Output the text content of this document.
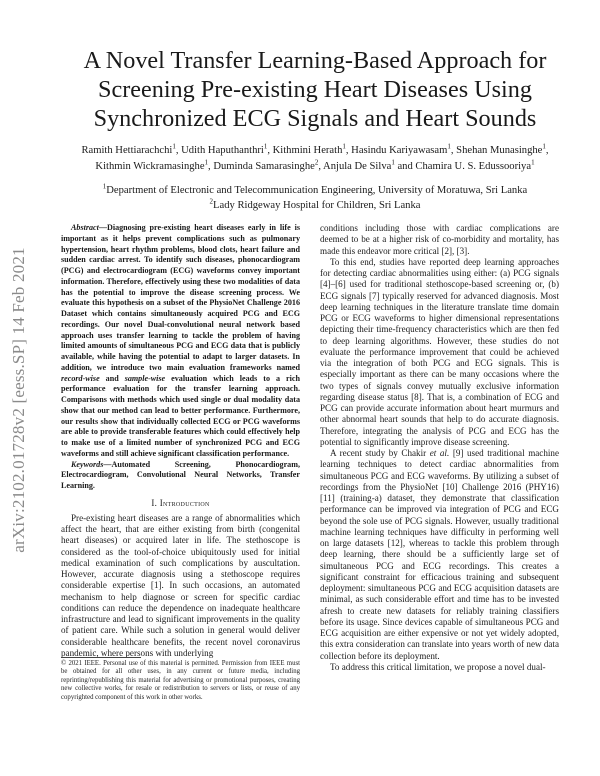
arXiv:2102.01728v2 [eess.SP] 14 Feb 2021
A Novel Transfer Learning-Based Approach for Screening Pre-existing Heart Diseases Using Synchronized ECG Signals and Heart Sounds
Ramith Hettiarachchi$^1$, Udith Haputhanthri$^1$, Kithmini Herath$^1$, Hasindu Kariyawasam$^1$, Shehan Munasinghe$^1$,
Kithmin Wickramasinghe$^1$, Duminda Samarasinghe$^2$, Anjula De Silva$^1$ and Chamira U. S. Edussooriya$^1$
$^1$Department of Electronic and Telecommunication Engineering, University of Moratuwa, Sri Lanka
$^2$Lady Ridgeway Hospital for Children, Sri Lanka

Abstract—Diagnosing pre-existing heart diseases early in life is important as it helps prevent complications such as pulmonary hypertension, heart rhythm problems, blood clots, heart failure and sudden cardiac arrest. To identify such diseases, phonocardiogram (PCG) and electrocardiogram (ECG) waveforms convey important information. Therefore, effectively using these two modalities of data has the potential to improve the disease screening process. We evaluate this hypothesis on a subset of the PhysioNet Challenge 2016 Dataset which contains simultaneously acquired PCG and ECG recordings. Our novel Dual-convolutional neural network based approach uses transfer learning to tackle the problem of having limited amounts of simultaneous PCG and ECG data that is publicly available, while having the potential to adapt to larger datasets. In addition, we introduce two main evaluation frameworks named record-wise and sample-wise evaluation which leads to a rich performance evaluation for the transfer learning approach. Comparisons with methods which used single or dual modality data show that our method can lead to better performance. Furthermore, our results show that individually collected ECG or PCG waveforms are able to provide transferable features which could effectively help to make use of a limited number of synchronized PCG and ECG waveforms and still achieve significant classification performance.

Keywords—Automated Screening, Phonocardiogram, Electrocardiogram, Convolutional Neural Networks, Transfer Learning.

I. Introduction

Pre-existing heart diseases are a range of abnormalities which affect the heart, that are either existing from birth (congenital heart diseases) or acquired later in life. The stethoscope is considered as the tool-of-choice ubiquitously used for initial medical examination of such complications by auscultation. However, accurate diagnosis using a stethoscope requires considerable expertise [1]. In such occasions, an automated mechanism to help diagnose or screen for specific cardiac conditions can reduce the dependence on inadequate healthcare infrastructure and lead to significant improvements in the quality of patient care. While such a solution in general would deliver considerable healthcare benefits, the recent novel coronavirus pandemic, where persons with underlying

© 2021 IEEE. Personal use of this material is permitted. Permission from IEEE must be obtained for all other uses, in any current or future media, including reprinting/republishing this material for advertising or promotional purposes, creating new collective works, for resale or redistribution to servers or lists, or reuse of any copyrighted component of this work in other works.

conditions including those with cardiac complications are deemed to be at a higher risk of co-morbidity and mortality, has made this endeavor more critical [2], [3].

To this end, studies have reported deep learning approaches for detecting cardiac abnormalities using either: (a) PCG signals [4]–[6] used for traditional stethoscope-based screening or, (b) ECG signals [7] typically reserved for advanced diagnosis. Most deep learning techniques in the literature translate time domain PCG or ECG waveforms to higher dimensional representations depicting their time-frequency characteristics which are then fed to deep learning algorithms. However, these studies do not evaluate the performance improvement that could be achieved via the integration of both PCG and ECG signals. This is especially important as there can be many occasions where the two types of signals convey mutually exclusive information regarding disease status [8]. That is, a combination of ECG and PCG can provide accurate information about heart murmurs and other abnormal heart sounds that help to do accurate diagnosis. Therefore, integrating the analysis of PCG and ECG has the potential to significantly improve disease screening.

A recent study by Chakir et al. [9] used traditional machine learning techniques to detect cardiac abnormalities from simultaneous PCG and ECG waveforms. By utilizing a subset of recordings from the PhysioNet [10] Challenge 2016 (PHY16) [11] (training-a) dataset, they demonstrate that classification performance can be improved via integration of PCG and ECG beyond the sole use of PCG signals. However, usually traditional machine learning techniques have difficulty in performing well on large datasets [12], whereas to tackle this problem through deep learning, there should be a sufficiently large set of simultaneous PCG and ECG recordings. This creates a significant constraint for efficacious training and subsequent deployment: simultaneous PCG and ECG acquisition datasets are minimal, as such considerable effort and time has to be invested afresh to create new datasets for reliably training classifiers before its usage. Since devices capable of simultaneous PCG and ECG acquisition are either expensive or not yet widely adopted, this extra consideration can translate into years worth of new data collection before its deployment.

To address this critical limitation, we propose a novel dual-
